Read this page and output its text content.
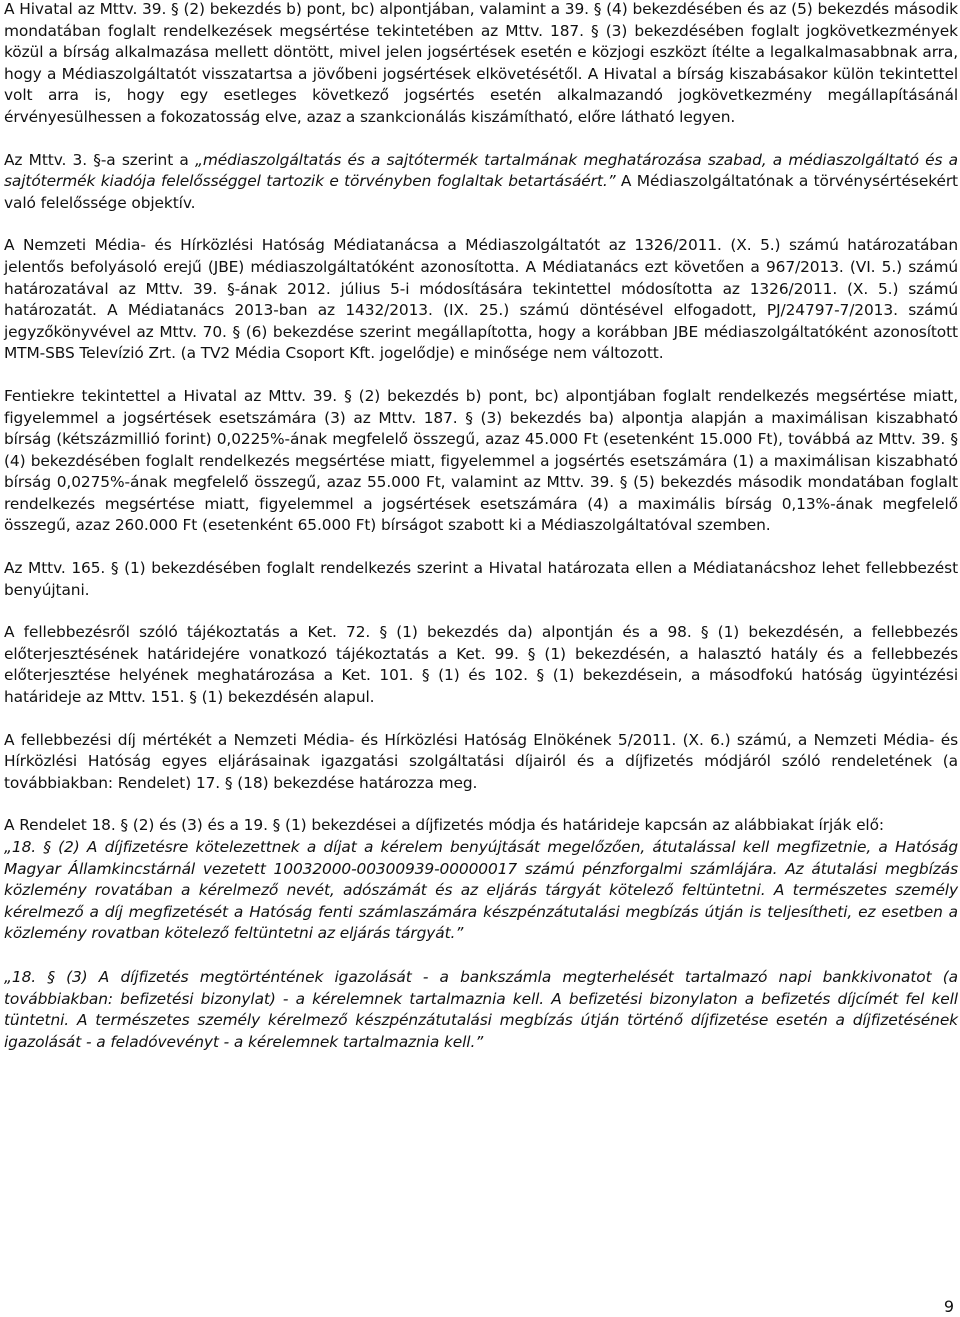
A Hivatal az Mttv. 39. § (2) bekezdés b) pont, bc) alpontjában, valamint a 39. § (4) bekezdésében és az (5) bekezdés második mondatában foglalt rendelkezések megsértése tekintetében az Mttv. 187. § (3) bekezdésében foglalt jogkövetkezmények közül a bírság alkalmazása mellett döntött, mivel jelen jogsértések esetén e közjogi eszközt ítélte a legalkalmasabbnak arra, hogy a Médiaszolgáltatót visszatartsa a jövőbeni jogsértések elkövetésétől. A Hivatal a bírság kiszabásakor külön tekintettel volt arra is, hogy egy esetleges következő jogsértés esetén alkalmazandó jogkövetkezmény megállapításánál érvényesülhessen a fokozatosság elve, azaz a szankcionálás kiszámítható, előre látható legyen.

Az Mttv. 3. §-a szerint a „médiaszolgáltatás és a sajtótermék tartalmának meghatározása szabad, a médiaszolgáltató és a sajtótermék kiadója felelősséggel tartozik e törvényben foglaltak betartásáért.” A Médiaszolgáltatónak a törvénysértésekért való felelőssége objektív.

A Nemzeti Média- és Hírközlési Hatóság Médiatanácsa a Médiaszolgáltatót az 1326/2011. (X. 5.) számú határozatában jelentős befolyásoló erejű (JBE) médiaszolgáltatóként azonosította. A Médiatanács ezt követően a 967/2013. (VI. 5.) számú határozatával az Mttv. 39. §-ának 2012. július 5-i módosítására tekintettel módosította az 1326/2011. (X. 5.) számú határozatát. A Médiatanács 2013-ban az 1432/2013. (IX. 25.) számú döntésével elfogadott, PJ/24797-7/2013. számú jegyzőkönyvével az Mttv. 70. § (6) bekezdése szerint megállapította, hogy a korábban JBE médiaszolgáltatóként azonosított MTM-SBS Televízió Zrt. (a TV2 Média Csoport Kft. jogelődje) e minősége nem változott.

Fentiekre tekintettel a Hivatal az Mttv. 39. § (2) bekezdés b) pont, bc) alpontjában foglalt rendelkezés megsértése miatt, figyelemmel a jogsértések esetszámára (3) az Mttv. 187. § (3) bekezdés ba) alpontja alapján a maximálisan kiszabható bírság (kétszázmillió forint) 0,0225%-ának megfelelő összegű, azaz 45.000 Ft (esetenként 15.000 Ft), továbbá az Mttv. 39. § (4) bekezdésében foglalt rendelkezés megsértése miatt, figyelemmel a jogsértés esetszámára (1) a maximálisan kiszabható bírság 0,0275%-ának megfelelő összegű, azaz 55.000 Ft, valamint az Mttv. 39. § (5) bekezdés második mondatában foglalt rendelkezés megsértése miatt, figyelemmel a jogsértések esetszámára (4) a maximális bírság 0,13%-ának megfelelő összegű, azaz 260.000 Ft (esetenként 65.000 Ft) bírságot szabott ki a Médiaszolgáltatóval szemben.

Az Mttv. 165. § (1) bekezdésében foglalt rendelkezés szerint a Hivatal határozata ellen a Médiatanácshoz lehet fellebbezést benyújtani.

A fellebbezésről szóló tájékoztatás a Ket. 72. § (1) bekezdés da) alpontján és a 98. § (1) bekezdésén, a fellebbezés előterjesztésének határidejére vonatkozó tájékoztatás a Ket. 99. § (1) bekezdésén, a halasztó hatály és a fellebbezés előterjesztése helyének meghatározása a Ket. 101. § (1) és 102. § (1) bekezdésein, a másodfokú hatóság ügyintézési határideje az Mttv. 151. § (1) bekezdésén alapul.

A fellebbezési díj mértékét a Nemzeti Média- és Hírközlési Hatóság Elnökének 5/2011. (X. 6.) számú, a Nemzeti Média- és Hírközlési Hatóság egyes eljárásainak igazgatási szolgáltatási díjairól és a díjfizetés módjáról szóló rendeletének (a továbbiakban: Rendelet) 17. § (18) bekezdése határozza meg.

A Rendelet 18. § (2) és (3) és a 19. § (1) bekezdései a díjfizetés módja és határideje kapcsán az alábbiakat írják elő:

„18. § (2) A díjfizetésre kötelezettnek a díjat a kérelem benyújtását megelőzően, átutalással kell megfizetnie, a Hatóság Magyar Államkincstárnál vezetett 10032000-00300939-00000017 számú pénzforgalmi számlájára. Az átutalási megbízás közlemény rovatában a kérelmező nevét, adószámát és az eljárás tárgyát kötelező feltüntetni. A természetes személy kérelmező a díj megfizetését a Hatóság fenti számlaszámára készpénzátutalási megbízás útján is teljesítheti, ez esetben a közlemény rovatban kötelező feltüntetni az eljárás tárgyát.”

„18. § (3) A díjfizetés megtörténtének igazolását - a bankszámla megterhelését tartalmazó napi bankkivonatot (a továbbiakban: befizetési bizonylat) - a kérelemnek tartalmaznia kell. A befizetési bizonylaton a befizetés díjcímét fel kell tüntetni. A természetes személy kérelmező készpénzátutalási megbízás útján történő díjfizetése esetén a díjfizetésének igazolását - a feladóvevényt - a kérelemnek tartalmaznia kell.”

9
